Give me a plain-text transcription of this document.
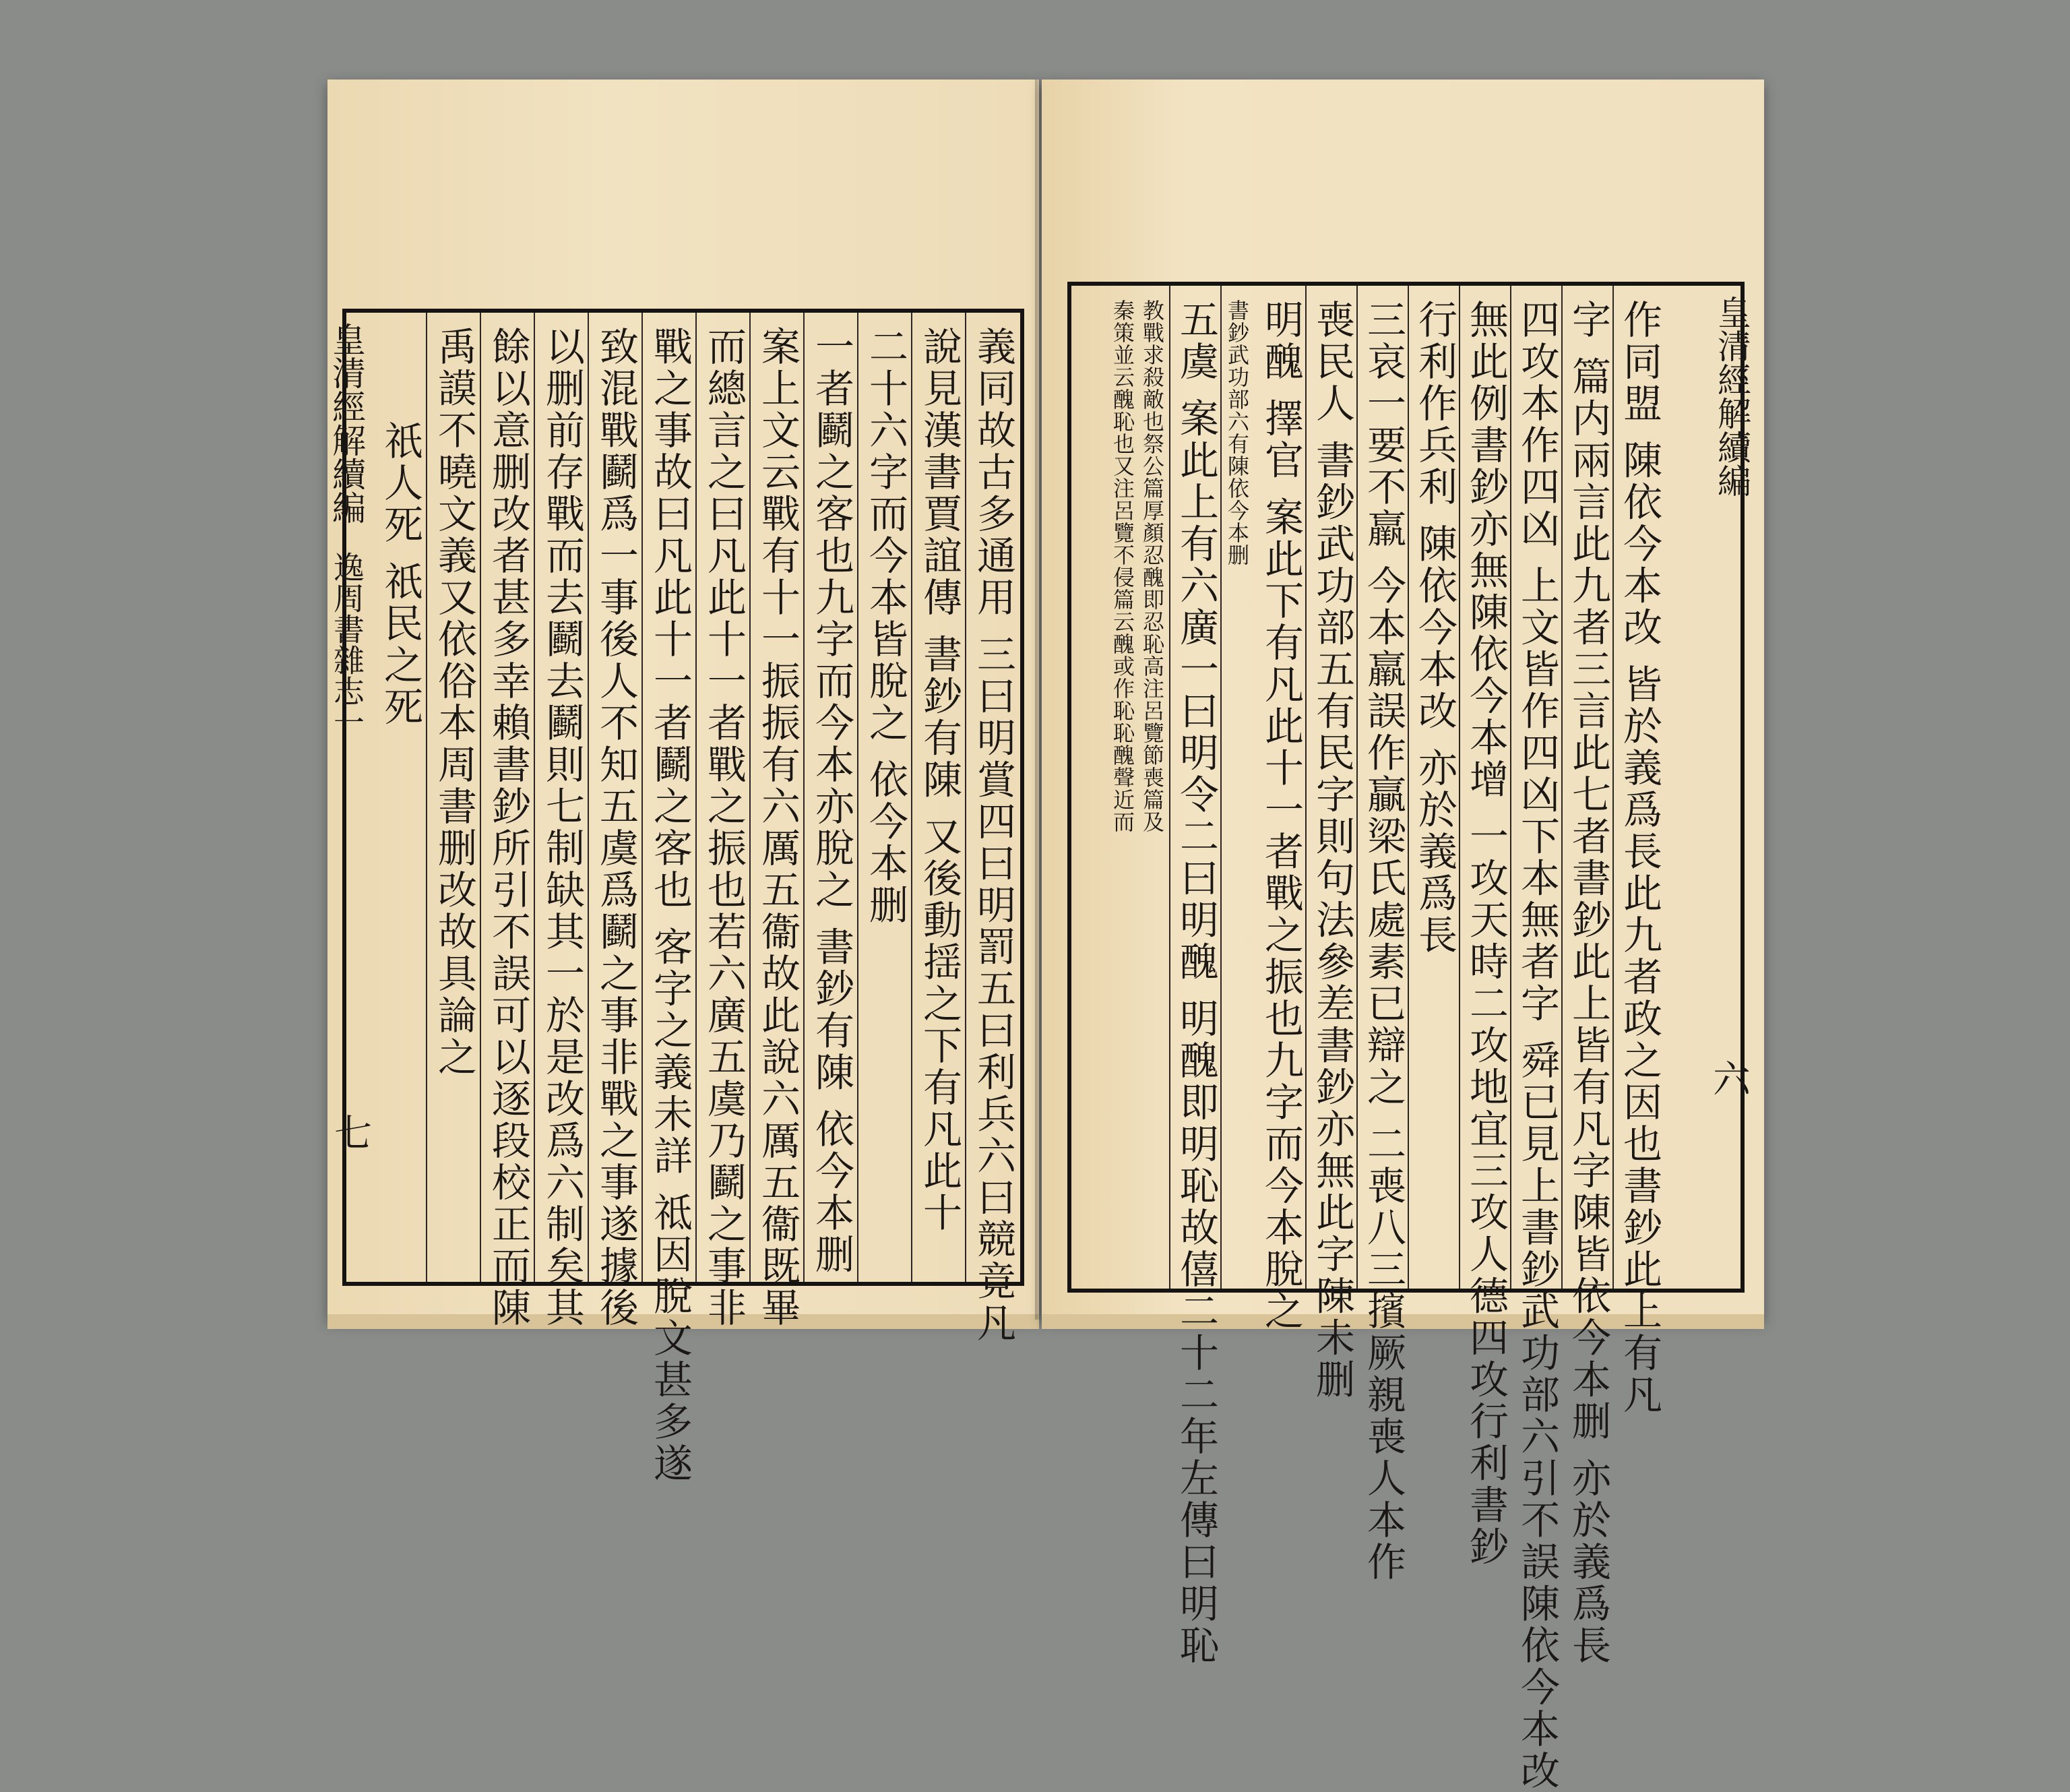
義同故古多通用 三曰明賞四曰明罰五曰利兵六曰競竟凡
說見漢書賈誼傳 書鈔有陳 又後動揺之下有凡此十
二十六字而今本皆脫之 依今本删
一者鬬之客也九字而今本亦脫之 書鈔有陳 依今本删
案上文云戰有十一振振有六厲五衞故此說六厲五衞既畢
而總言之曰凡此十一者戰之振也若六廣五虞乃鬬之事非
戰之事故曰凡此十一者鬬之客也 客字之義未詳 祗因脫文甚多遂
致混戰鬬爲一事後人不知五虞爲鬬之事非戰之事遂據後
以删前存戰而去鬬去鬬則七制缺其一於是改爲六制矣其
餘以意删改者甚多幸賴書鈔所引不誤可以逐段校正而陳
禹謨不曉文義又依俗本周書删改故具論之
祇人死 祇民之死
皇清經解續編
逸周書雜志一
七	作同盟 陳依今本改 皆於義爲長此九者政之因也書鈔此上有凡
字 篇内兩言此九者三言此七者書鈔此上皆有凡字陳皆依今本删 亦於義爲長
四攻本作四凶 上文皆作四凶下本無者字 舜已見上書鈔武功部六引不誤陳依今本改
無此例書鈔亦無陳依今本增 一攻天時二攻地宜三攻人德四攻行利書鈔
行利作兵利 陳依今本改 亦於義爲長
三哀一要不羸 今本羸誤作贏梁氏處素已辯之 二喪八三擯厥親喪人本作
喪民人 書鈔武功部五有民字則句法參差書鈔亦無此字陳未删
明醜 擇官 案此下有凡此十一者戰之振也九字而今本脫之
書鈔武功部六有陳依今本删
五虞 案此上有六廣一曰明令二曰明醜 明醜即明恥故僖二十二年左傳曰明恥
教戰求殺敵也祭公篇厚顏忍醜即忍恥高注呂覽節喪篇及
秦策並云醜恥也又注呂覽不侵篇云醜或作恥恥醜聲近而	皇清經解續編
六
